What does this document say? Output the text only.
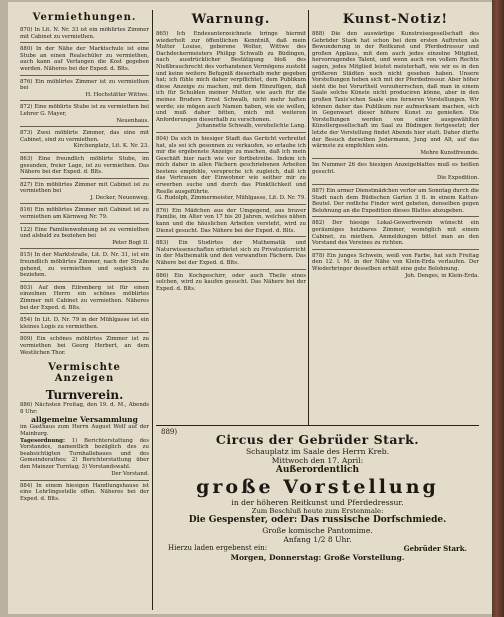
Vermiethungen.
870) In Lit. N. Nr. 33 ist ein möblirtes Zimmer mit Cabinet zu vermiethen.
880) In der Nähe der Marktschule ist eine Stube an einen Realschüler zu vermiethen, auch kann auf Verlangen die Kost gegeben werden. Näheres bei der Exped. d. Blts.
876) Ein möblirtes Zimmer ist zu vermiethen bei
H. Hochstätter Wittwe.
872) Eine möblirte Stube ist zu vermiethen bei Lehrer G. Mayer,
Neuenhaus.
873) Zwei möblirte Zimmer, das eine mit Cabinet, sind zu vermiethen.
Kirchenplatz, Lit. K. Nr. 23.
863) Eine freundlich möblirte Stube, im gesunden, freier Lage, ist zu vermiethen. Das Nähere bei der Exped. d. Blts.
827) Ein möblirtes Zimmer mit Cabinet ist zu vermiethen bei
J. Decker, Neuenweg.
816) Ein möblirtes Zimmer mit Cabinet ist zu vermiethen am Kärnweg Nr. 79.
122) Eine Familienwohnung ist zu vermiethen und alsbald zu beziehen bei
Peter Bogt II.
815) In der Marktstraße, Lit. D. Nr. 31, ist ein freundlich möblirtes Zimmer, nach der Straße gehend, zu vermiethen und sogleich zu beziehen.
803) Auf dem Eilrenberg ist für einen einzelnen Herrn ein schönes möblirtes Zimmer mit Cabinet zu vermiethen. Näheres bei der Exped. d. Blts.
854) In Lit. D. Nr. 79 in der Mühlgasse ist ein kleines Logis zu vermiethen.
809) Ein schönes möblirtes Zimmer ist zu vermiethen bei Georg Herbert, an dem Westlichen Thor.
Vermischte Anzeigen
Turnverein.
886) Nächsten Freitag, den 19. d. M., Abends 8 Uhr:
allgemeine Versammlung
im Gasthaus zum Herrn August Wolf auf der Mainburg.
Tagesordnung: 1) Berichterstattung des Vorstandes, namentlich bezüglich des zu beabsichtigten Turnhallebaues und des Gemeinderathes; 2) Berichterstattung über den Mainzer Turntag; 3) Vorstandswahl.
Der Vorstand.
884) In einem hiesigen Handlungshause ist eine Lehrlingsstelle offen. Näheres bei der Exped. d. Blts.
Warnung.
865) Ich Endesunterzeichnete bringe hiermit wiederholt zur öffentlichen Kenntniß, daß mein Mutter Louise, geborene Wolter, Wittwe des Dachdeckermeisters Philipp Schwalb zu Büdingen, nach ausdrücklicher Bestätigung bloß des Nießbrauchrecht des vorhandenen Vermögens zusteht und keine weitere Befugniß dieserhalb mehr gegeben hat; ich fühle mich daher verpflichtet, dem Publikum diese Anzeige zu machen, mit dem Hinzufügen, daß ich für Schulden meiner Mutter, wie auch für die meines Bruders Ernst Schwalb, nicht mehr haften werde; sie mögen auch Namen haben, wie sie wollen, und muß daher bitten, mich mit weiteren Anforderungen dieserhalb zu verschonen.
Johannette Schwalb, verehelichte Lang.
804) Da sich in hiesiger Stadt das Gerücht verbreitet hat, als sei ich gesonnen zu verkaufen, so erlaube ich mir die ergebenste Anzeige zu machen, daß ich mein Geschäft hier nach wie vor fortbetreibe. Indem ich mich daher in allen Fächern geschriebenen Arbeiten bestens empfehle, verspreche ich zugleich, daß ich das Vertrauen der Einwohner wie seither mir zu erwerben suche und durch das Pünktlichkeit und Reelle ausgeführte.
G. Rudolph, Zimmermeister, Mühlgasse, Lit. D. Nr. 79.
876) Ein Mädchen aus der Umgegend, aus braver Familie, im Alter von 17 bis 20 Jahren, welches nähen kann und die häuslichen Arbeiten versteht, wird zu Dienst gesucht. Das Nähere bei der Exped. d. Blts.
883) Ein Studirtes der Mathematik und Naturwissenschaften erbietet sich zu Privatunterricht in der Mathematik und den verwandten Fächern. Das Nähere bei der Exped. d. Blts.
886) Ein Kochgeschirr, oder auch Theile eines solchen, wird zu kaufen gesucht. Das Nähere bei der Exped. d. Blts.
Kunst-Notiz!
888) Die den auswärtige Kunstreisegesellschaft des Gebrüder Stark hat schon bei dem ersten Auftreten als Bewunderung in der Reitkunst und Pferdedressur und großen Applaus, mit dem auch jedes einzelne Mitglied, hervorragendes Talent, und wenn auch von vollem Rechte sagen, jedes Mitglied leistet meisterhaft, wie wir es in den größeren Städten noch nicht gesehen haben. Unsere Vorstellungen heben sich mit der Pferdedressur. Aber höher sieht die bei Vorurtheil vorzuherrschen, daß man in einem Saale solche Künste nicht produciren könne, aber in den großen Taxis'schen Saale eine ferneren Vorstellungen. Wir können daher das Publikum nur aufmerksam machen, sich in Gegenwart dieser höhere Kunst zu genießen. Die Vorstellungen werden von einer ausgewählten Künstlergesellschaft im Saal zu Büdingen fortgesetzt; der letzte der Vorstellung findet Abends hier statt. Daher dürfte der Besuch derselben Jedermann, Jung und Alt, auf das wärmste zu empfehlen sein.
Mehre Kunstfreunde.
Im Nummer 26 des hiesigen Anzeigeblattes muß es heißen gesucht.
Die Expedition.
887) Ein armer Dienstmädchen verlor am Sonntag durch die Stadt nach dem Büdischen Garten 3 fl. in einem Kattun-Beutel. Der redliche Finder wird gebeten, denselben gegen Belohnung an die Expedition dieses Blattes abzugeben.
882) Der hiesige Lokal-Gewerbverein wünscht ein geräumiges heizbares Zimmer, womöglich mit einem Cabinet, zu miethen. Anmeldungen bittet man an den Vorstand des Vereines zu richten.
878) Ein junges Schwein, weiß von Farbe, hat sich Freitag den 12. l. M. in der Nähe von Klein-Erda verlaufen. Der Wiederbringer desselben erhält eine gute Belohnung.
Joh. Denges, in Klein-Erda.
889)	Circus der Gebrüder Stark.

Schauplatz im Saale des Herrn Kreb.

Mittwoch den 17. April:

Außerordentlich

große Vorstellung

in der höheren Reitkunst und Pferdedressur.

Zum Beschluß heute zum Erstenmale:

Die Gespenster, oder: Das russische Dorfschmiede.

Große komische Pantomime.

Anfang 1/2 8 Uhr.

Hierzu laden ergebenst ein:	Gebrüder Stark.

Morgen, Donnerstag: Große Vorstellung.
